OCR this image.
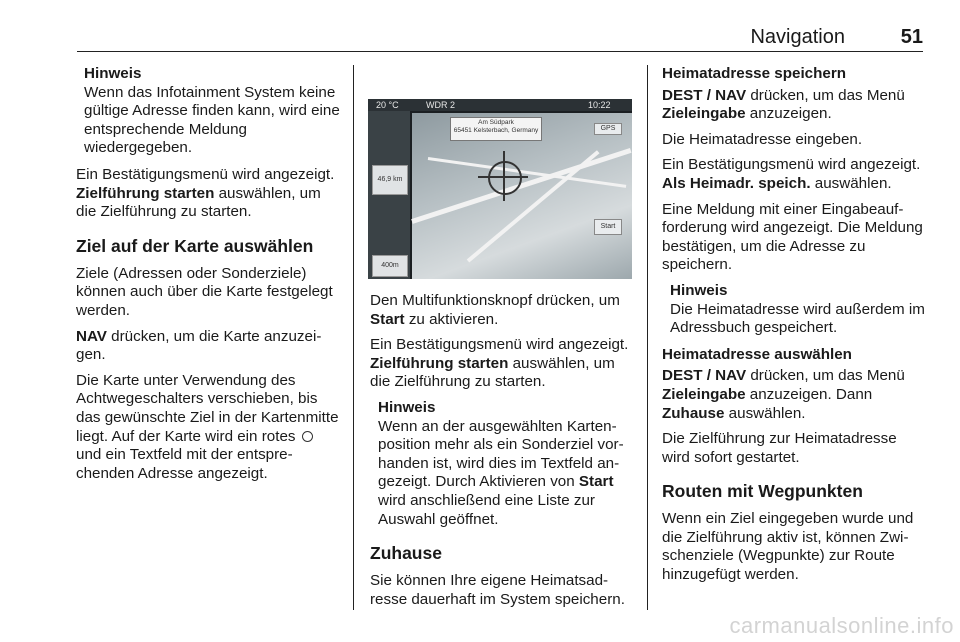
Navigation	51
Hinweis
Wenn das Infotainment System keine gültige Adresse finden kann, wird eine entsprechende Meldung wiedergegeben.

Ein Bestätigungsmenü wird angezeigt. Zielführung starten auswählen, um die Zielführung zu starten.

Ziel auf der Karte auswählen

Ziele (Adressen oder Sonderziele) können auch über die Karte festgelegt werden.

NAV drücken, um die Karte anzuzeigen.

Die Karte unter Verwendung des Achtwegeschalters verschieben, bis das gewünschte Ziel in der Kartenmitte liegt. Auf der Karte wird ein rotes  und ein Textfeld mit der entsprechenden Adresse angezeigt.

20 °C	WDR 2	10:22
Am Südpark
65451 Kelsterbach, Germany
46,9 km
400m
GPS
Start

Den Multifunktionsknopf drücken, um Start zu aktivieren.

Ein Bestätigungsmenü wird angezeigt. Zielführung starten auswählen, um die Zielführung zu starten.

Hinweis
Wenn an der ausgewählten Kartenposition mehr als ein Sonderziel vorhanden ist, wird dies im Textfeld angezeigt. Durch Aktivieren von Start wird anschließend eine Liste zur Auswahl geöffnet.
Zuhause

Sie können Ihre eigene Heimatsadresse dauerhaft im System speichern.

Heimatadresse speichern

DEST / NAV drücken, um das Menü Zieleingabe anzuzeigen.

Die Heimatadresse eingeben.

Ein Bestätigungsmenü wird angezeigt. Als Heimadr. speich. auswählen.

Eine Meldung mit einer Eingabeaufforderung wird angezeigt. Die Meldung bestätigen, um die Adresse zu speichern.

Hinweis
Die Heimatadresse wird außerdem im Adressbuch gespeichert.
Heimatadresse auswählen

DEST / NAV drücken, um das Menü Zieleingabe anzuzeigen. Dann Zuhause auswählen.

Die Zielführung zur Heimatadresse wird sofort gestartet.

Routen mit Wegpunkten

Wenn ein Ziel eingegeben wurde und die Zielführung aktiv ist, können Zwischenziele (Wegpunkte) zur Route hinzugefügt werden.

carmanualsonline.info
